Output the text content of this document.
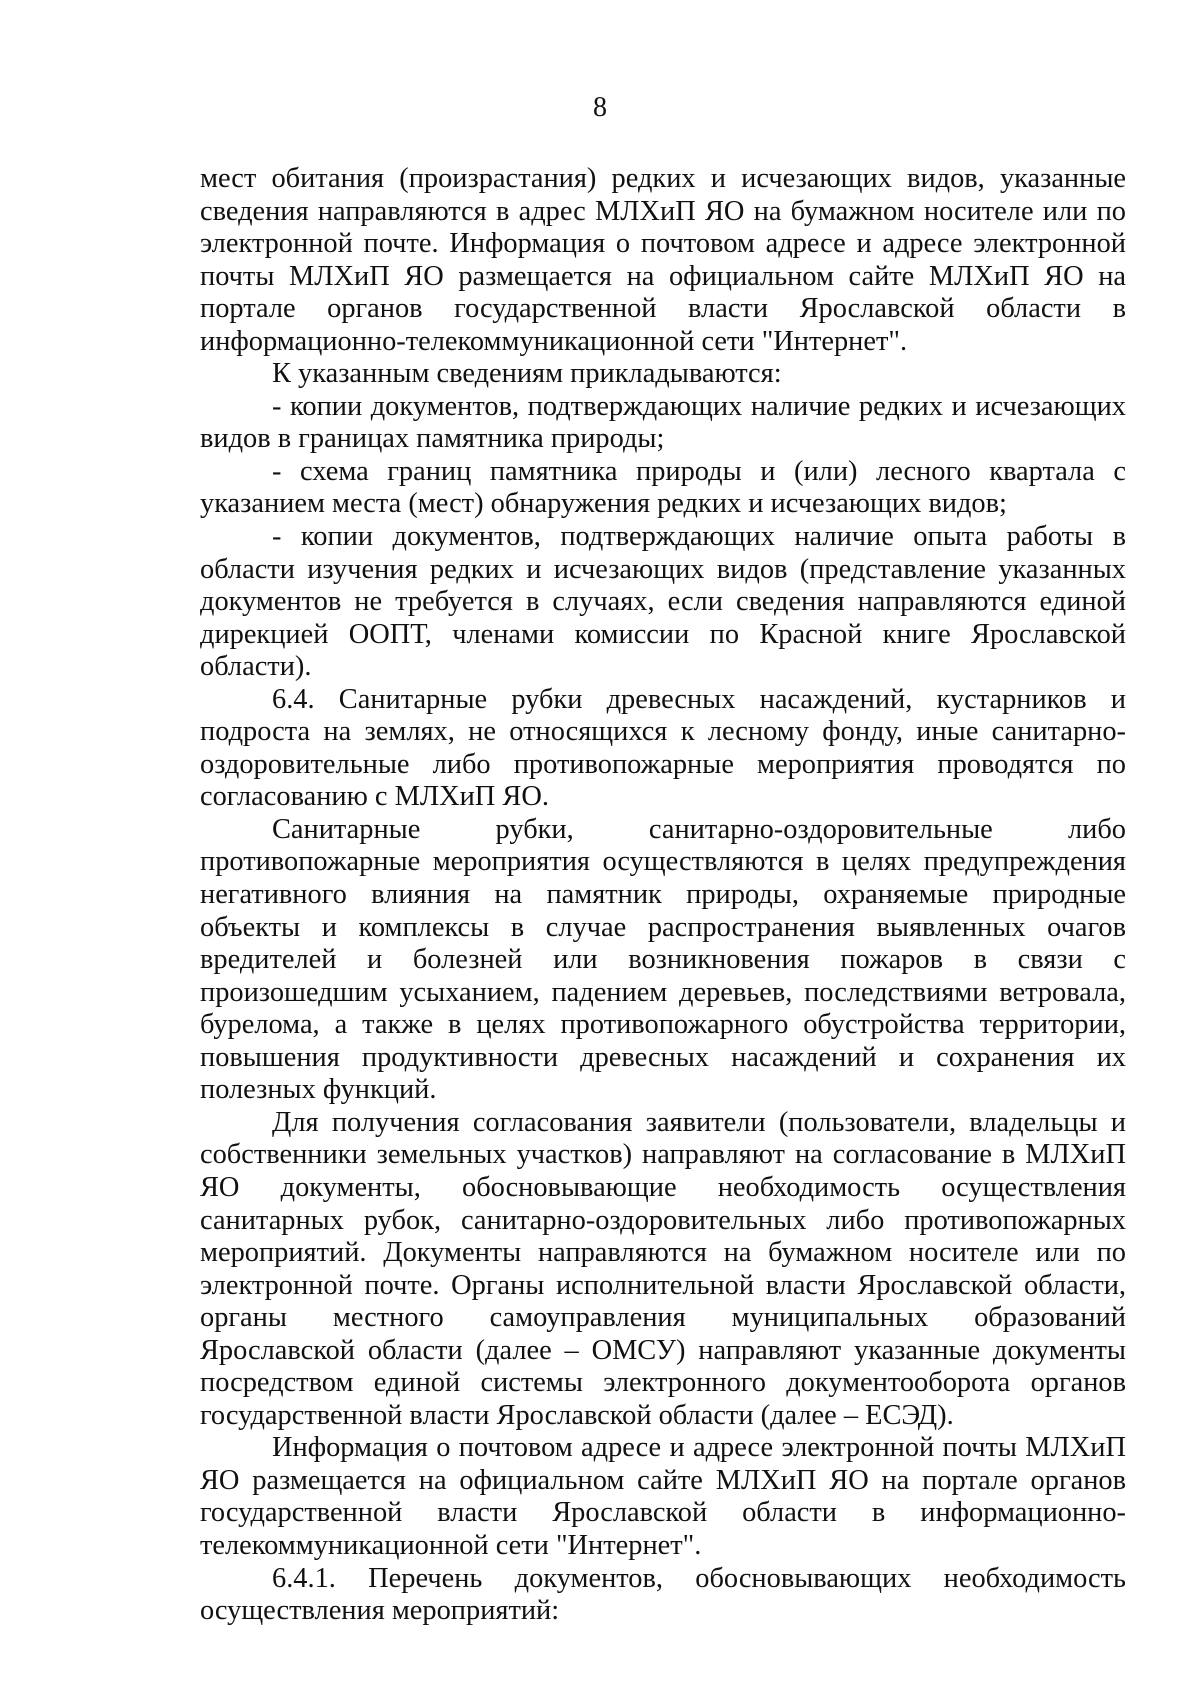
8

мест обитания (произрастания) редких и исчезающих видов, указанные сведения направляются в адрес МЛХиП ЯО на бумажном носителе или по электронной почте. Информация о почтовом адресе и адресе электронной почты МЛХиП ЯО размещается на официальном сайте МЛХиП ЯО на портале органов государственной власти Ярославской области в информационно-телекоммуникационной сети "Интернет".

К указанным сведениям прикладываются:

- копии документов, подтверждающих наличие редких и исчезающих видов в границах памятника природы;

- схема границ памятника природы и (или) лесного квартала с указанием места (мест) обнаружения редких и исчезающих видов;

- копии документов, подтверждающих наличие опыта работы в области изучения редких и исчезающих видов (представление указанных документов не требуется в случаях, если сведения направляются единой дирекцией ООПТ, членами комиссии по Красной книге Ярославской области).

6.4. Санитарные рубки древесных насаждений, кустарников и подроста на землях, не относящихся к лесному фонду, иные санитарно-оздоровительные либо противопожарные мероприятия проводятся по согласованию с МЛХиП ЯО.

Санитарные рубки, санитарно-оздоровительные либо противопожарные мероприятия осуществляются в целях предупреждения негативного влияния на памятник природы, охраняемые природные объекты и комплексы в случае распространения выявленных очагов вредителей и болезней или возникновения пожаров в связи с произошедшим усыханием, падением деревьев, последствиями ветровала, бурелома, а также в целях противопожарного обустройства территории, повышения продуктивности древесных насаждений и сохранения их полезных функций.

Для получения согласования заявители (пользователи, владельцы и собственники земельных участков) направляют на согласование в МЛХиП ЯО документы, обосновывающие необходимость осуществления санитарных рубок, санитарно-оздоровительных либо противопожарных мероприятий. Документы направляются на бумажном носителе или по электронной почте. Органы исполнительной власти Ярославской области, органы местного самоуправления муниципальных образований Ярославской области (далее – ОМСУ) направляют указанные документы посредством единой системы электронного документооборота органов государственной власти Ярославской области (далее – ЕСЭД).

Информация о почтовом адресе и адресе электронной почты МЛХиП ЯО размещается на официальном сайте МЛХиП ЯО на портале органов государственной власти Ярославской области в информационно-телекоммуникационной сети "Интернет".

6.4.1. Перечень документов, обосновывающих необходимость осуществления мероприятий:
